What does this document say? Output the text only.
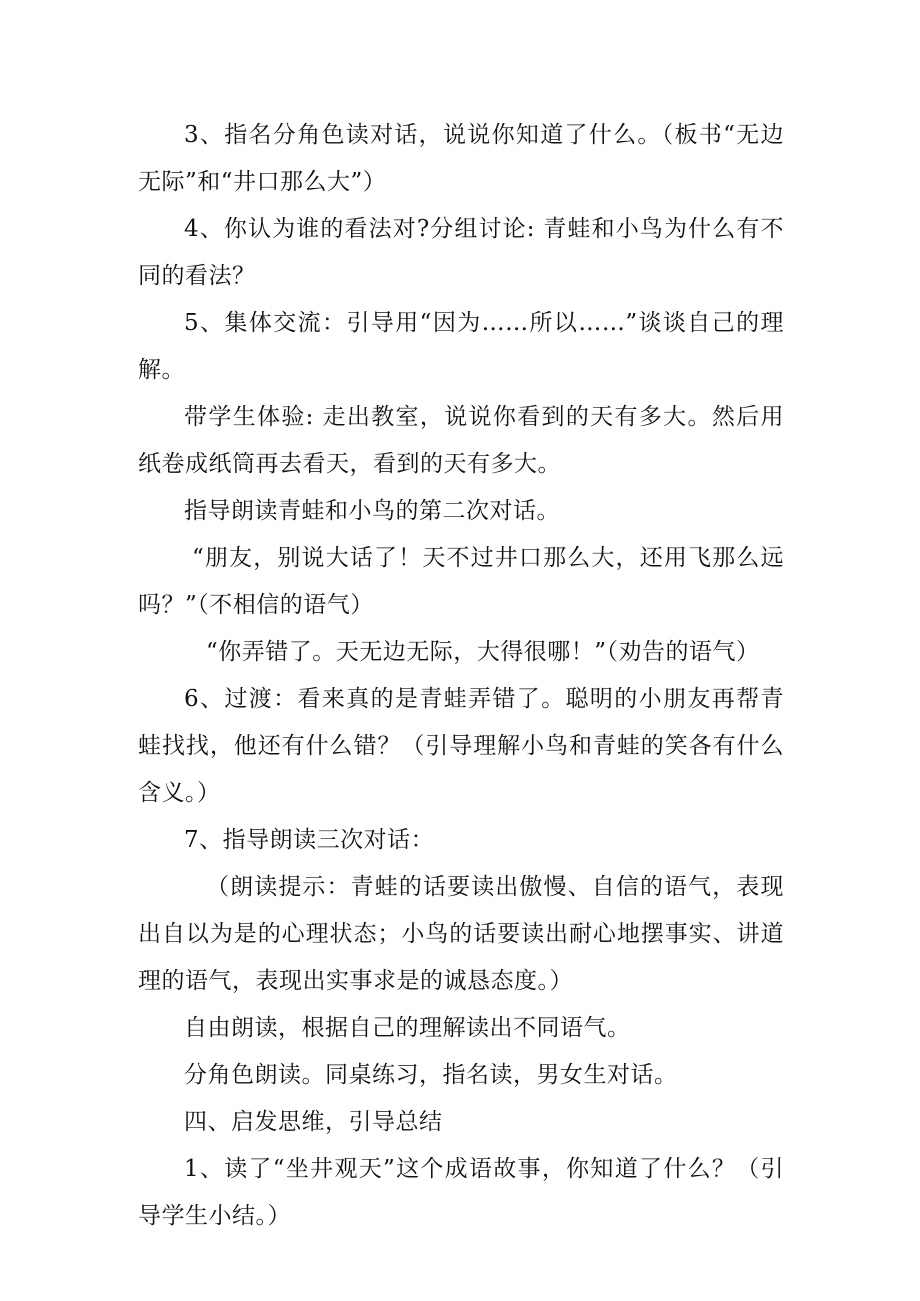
3、指名分角色读对话，说说你知道了什么。（板书“无边无际”和“井口那么大”）

4、你认为谁的看法对?分组讨论: 青蛙和小鸟为什么有不同的看法？

5、集体交流：引导用“因为……所以……”谈谈自己的理解。

带学生体验: 走出教室，说说你看到的天有多大。然后用纸卷成纸筒再去看天，看到的天有多大。

指导朗读青蛙和小鸟的第二次对话。

“朋友，别说大话了！天不过井口那么大，还用飞那么远吗？”（不相信的语气）

“你弄错了。天无边无际，大得很哪！”（劝告的语气）

6、过渡：看来真的是青蛙弄错了。聪明的小朋友再帮青蛙找找，他还有什么错？（引导理解小鸟和青蛙的笑各有什么含义。）

7、指导朗读三次对话：

（朗读提示：青蛙的话要读出傲慢、自信的语气，表现出自以为是的心理状态；小鸟的话要读出耐心地摆事实、讲道理的语气，表现出实事求是的诚恳态度。）

自由朗读，根据自己的理解读出不同语气。

分角色朗读。同桌练习，指名读，男女生对话。

四、启发思维，引导总结

1、读了“坐井观天”这个成语故事，你知道了什么？（引导学生小结。）
